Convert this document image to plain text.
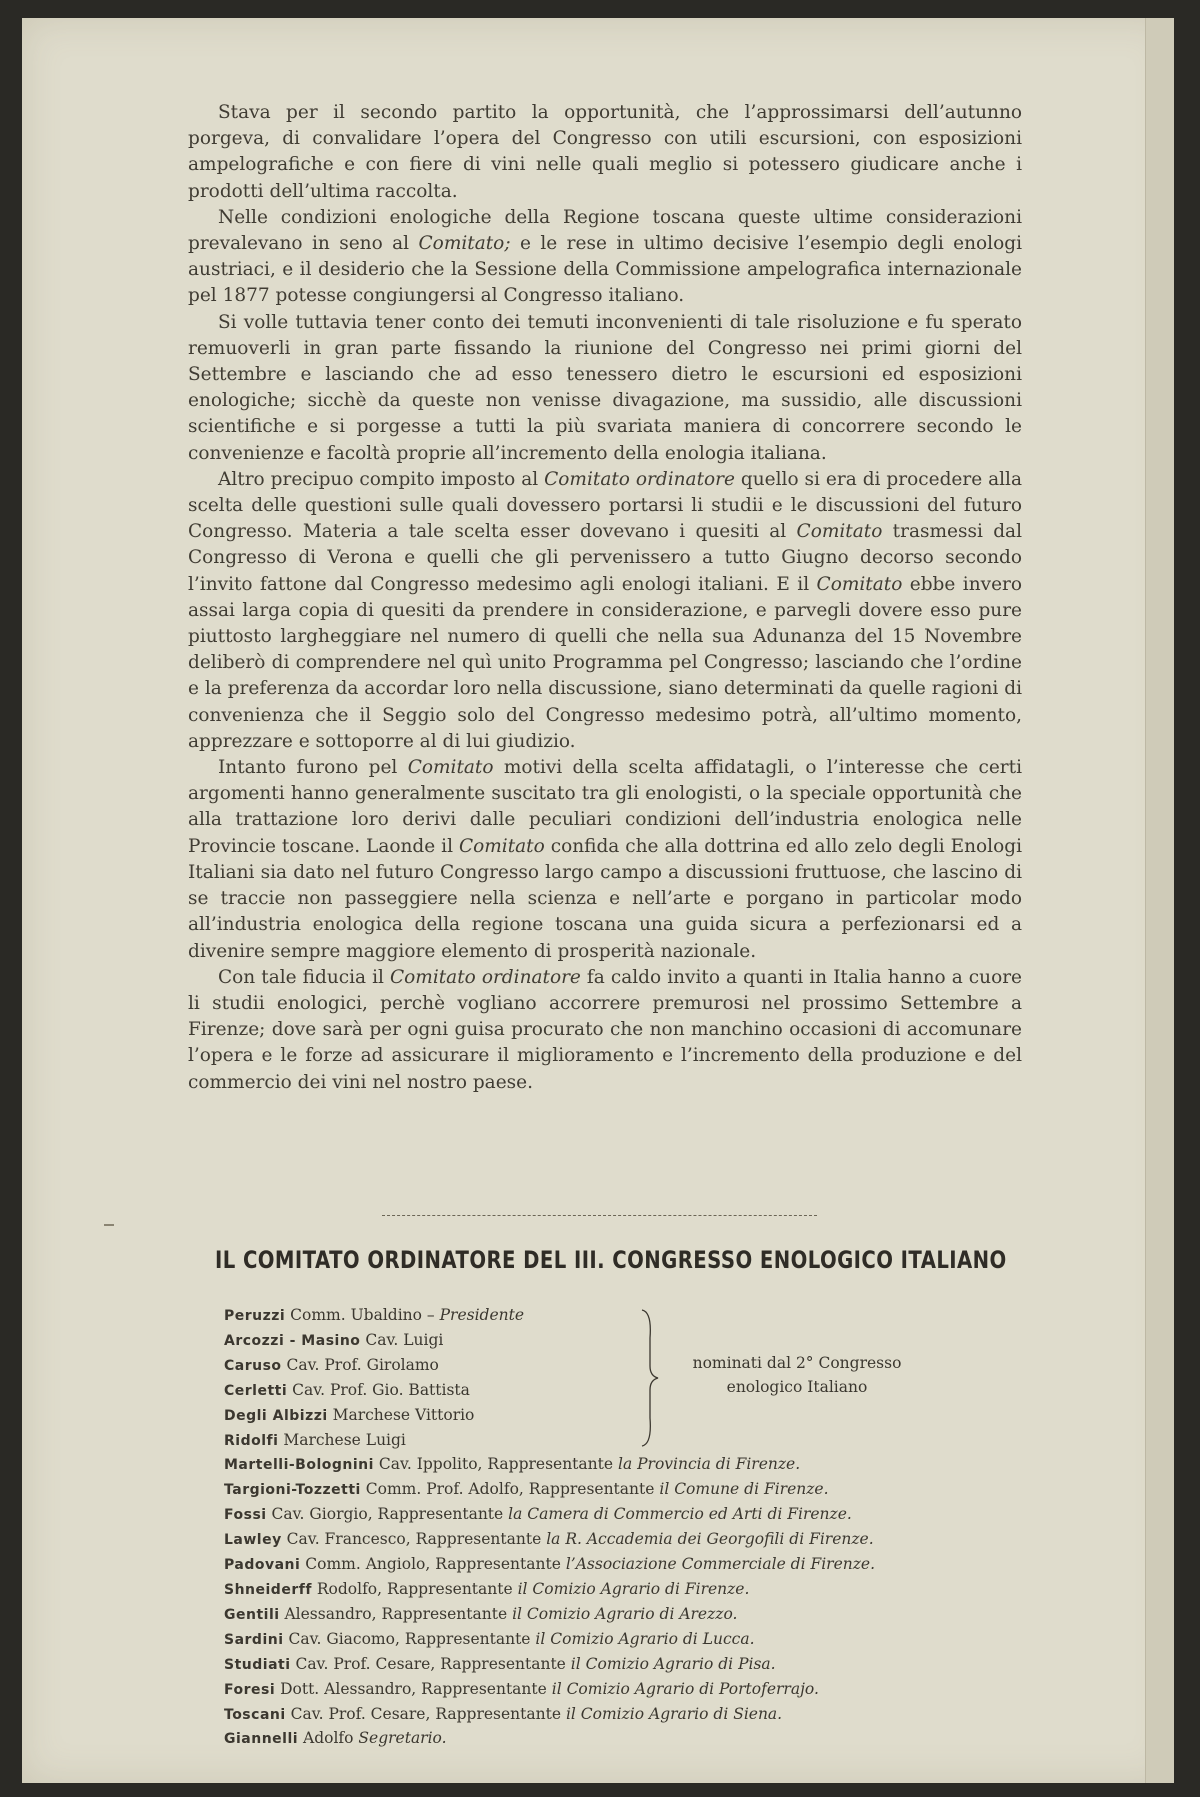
Stava per il secondo partito la opportunità, che l’approssimarsi dell’autunno porgeva, di convalidare l’opera del Congresso con utili escursioni, con esposizioni ampelografiche e con fiere di vini nelle quali meglio si potessero giudicare anche i prodotti dell’ultima raccolta.

Nelle condizioni enologiche della Regione toscana queste ultime considerazioni prevalevano in seno al Comitato; e le rese in ultimo decisive l’esempio degli enologi austriaci, e il desiderio che la Sessione della Commissione ampelografica internazionale pel 1877 potesse congiungersi al Congresso italiano.

Si volle tuttavia tener conto dei temuti inconvenienti di tale risoluzione e fu sperato remuoverli in gran parte fissando la riunione del Congresso nei primi giorni del Settembre e lasciando che ad esso tenessero dietro le escursioni ed esposizioni enologiche; sicchè da queste non venisse divagazione, ma sussidio, alle discussioni scientifiche e si porgesse a tutti la più svariata maniera di concorrere secondo le convenienze e facoltà proprie all’incremento della enologia italiana.

Altro precipuo compito imposto al Comitato ordinatore quello si era di procedere alla scelta delle questioni sulle quali dovessero portarsi li studii e le discussioni del futuro Congresso. Materia a tale scelta esser dovevano i quesiti al Comitato trasmessi dal Congresso di Verona e quelli che gli pervenissero a tutto Giugno decorso secondo l’invito fattone dal Congresso medesimo agli enologi italiani. E il Comitato ebbe invero assai larga copia di quesiti da prendere in considerazione, e parvegli dovere esso pure piuttosto largheggiare nel numero di quelli che nella sua Adunanza del 15 Novembre deliberò di comprendere nel quì unito Programma pel Congresso; lasciando che l’ordine e la preferenza da accordar loro nella discussione, siano determinati da quelle ragioni di convenienza che il Seggio solo del Congresso medesimo potrà, all’ultimo momento, apprezzare e sottoporre al di lui giudizio.

Intanto furono pel Comitato motivi della scelta affidatagli, o l’interesse che certi argomenti hanno generalmente suscitato tra gli enologisti, o la speciale opportunità che alla trattazione loro derivi dalle peculiari condizioni dell’industria enologica nelle Provincie toscane. Laonde il Comitato confida che alla dottrina ed allo zelo degli Enologi Italiani sia dato nel futuro Congresso largo campo a discussioni fruttuose, che lascino di se traccie non passeggiere nella scienza e nell’arte e porgano in particolar modo all’industria enologica della regione toscana una guida sicura a perfezionarsi ed a divenire sempre maggiore elemento di prosperità nazionale.

Con tale fiducia il Comitato ordinatore fa caldo invito a quanti in Italia hanno a cuore li studii enologici, perchè vogliano accorrere premurosi nel prossimo Settembre a Firenze; dove sarà per ogni guisa procurato che non manchino occasioni di accomunare l’opera e le forze ad assicurare il miglioramento e l’incremento della produzione e del commercio dei vini nel nostro paese.

IL COMITATO ORDINATORE DEL III. CONGRESSO ENOLOGICO ITALIANO
Peruzzi Comm. Ubaldino – Presidente
Arcozzi - Masino Cav. Luigi
Caruso Cav. Prof. Girolamo
Cerletti Cav. Prof. Gio. Battista
Degli Albizzi Marchese Vittorio
Ridolfi Marchese Luigi
Martelli-Bolognini Cav. Ippolito, Rappresentante la Provincia di Firenze.
Targioni-Tozzetti Comm. Prof. Adolfo, Rappresentante il Comune di Firenze.
Fossi Cav. Giorgio, Rappresentante la Camera di Commercio ed Arti di Firenze.
Lawley Cav. Francesco, Rappresentante la R. Accademia dei Georgofili di Firenze.
Padovani Comm. Angiolo, Rappresentante l’Associazione Commerciale di Firenze.
Shneiderff Rodolfo, Rappresentante il Comizio Agrario di Firenze.
Gentili Alessandro, Rappresentante il Comizio Agrario di Arezzo.
Sardini Cav. Giacomo, Rappresentante il Comizio Agrario di Lucca.
Studiati Cav. Prof. Cesare, Rappresentante il Comizio Agrario di Pisa.
Foresi Dott. Alessandro, Rappresentante il Comizio Agrario di Portoferrajo.
Toscani Cav. Prof. Cesare, Rappresentante il Comizio Agrario di Siena.
Giannelli Adolfo Segretario.
nominati dal 2° Congresso
enologico Italiano
